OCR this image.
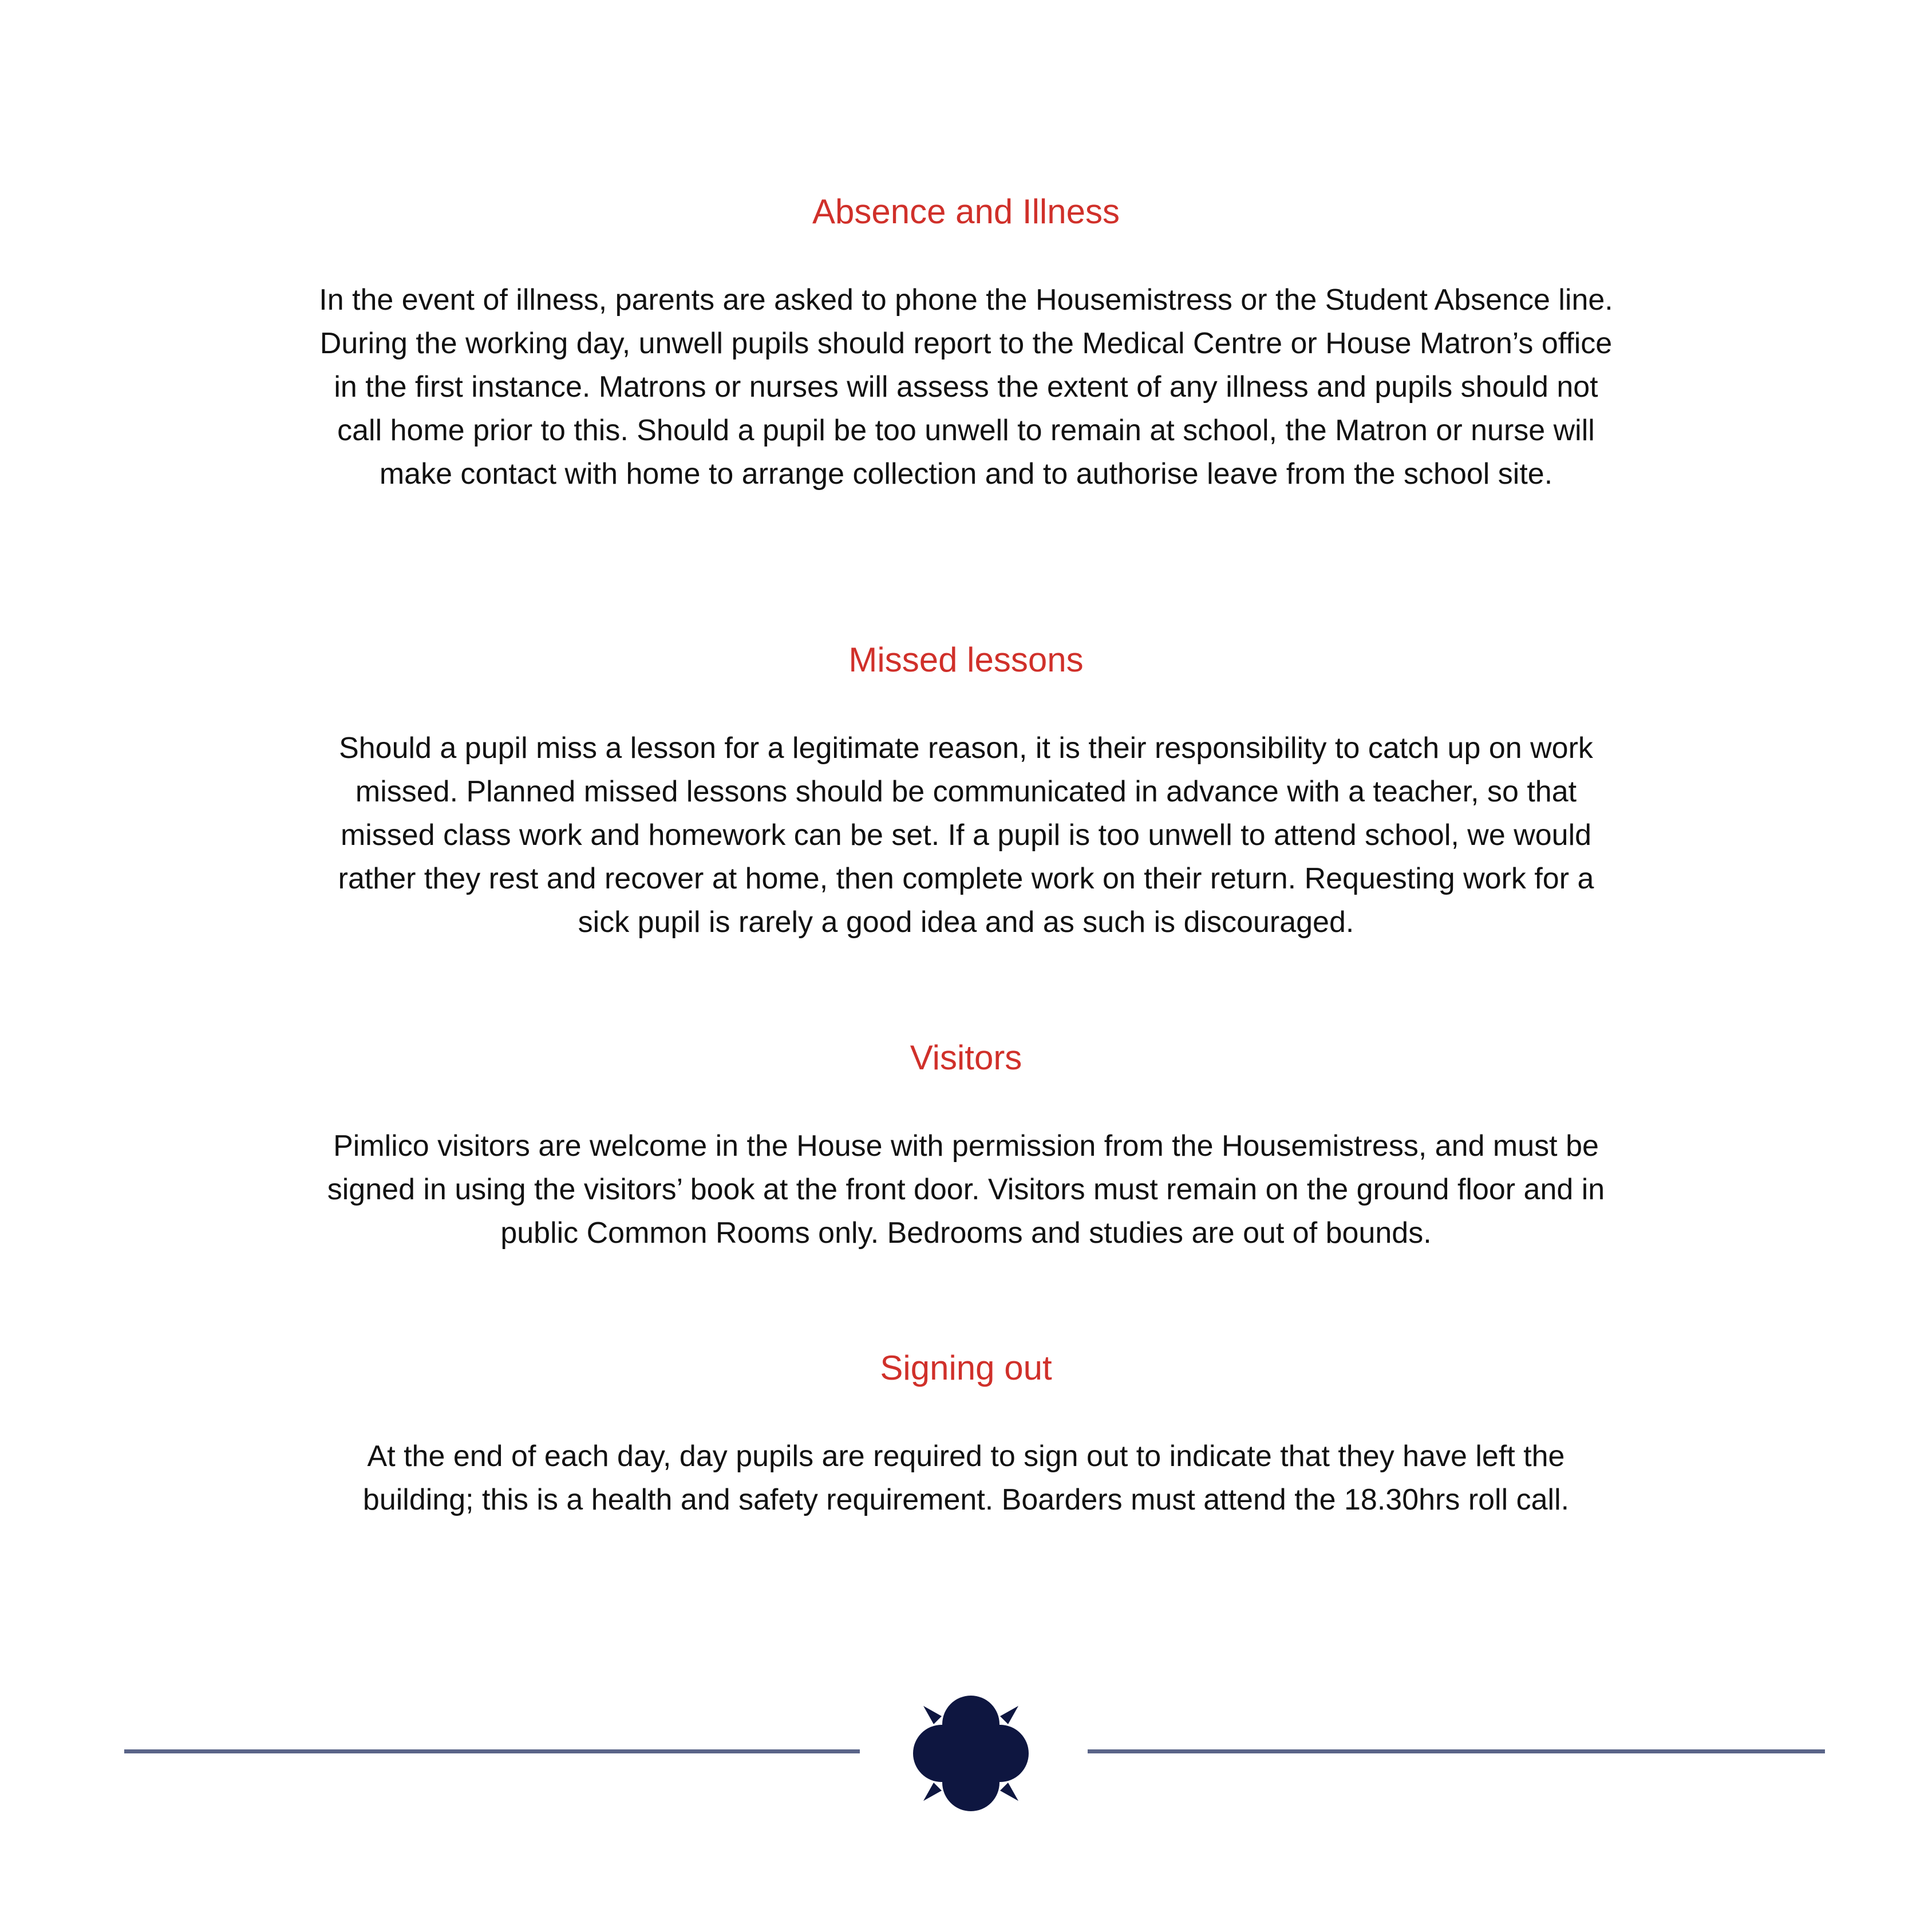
Absence and Illness

In the event of illness, parents are asked to phone the Housemistress or the Student Absence line. During the working day, unwell pupils should report to the Medical Centre or House Matron’s office in the first instance. Matrons or nurses will assess the extent of any illness and pupils should not call home prior to this. Should a pupil be too unwell to remain at school, the Matron or nurse will make contact with home to arrange collection and to authorise leave from the school site.

Missed lessons

Should a pupil miss a lesson for a legitimate reason, it is their responsibility to catch up on work missed. Planned missed lessons should be communicated in advance with a teacher, so that missed class work and homework can be set. If a pupil is too unwell to attend school, we would rather they rest and recover at home, then complete work on their return. Requesting work for a sick pupil is rarely a good idea and as such is discouraged.

Visitors

Pimlico visitors are welcome in the House with permission from the Housemistress, and must be signed in using the visitors’ book at the front door. Visitors must remain on the ground floor and in public Common Rooms only. Bedrooms and studies are out of bounds.

Signing out

At the end of each day, day pupils are required to sign out to indicate that they have left the building; this is a health and safety requirement. Boarders must attend the 18.30hrs roll call.
